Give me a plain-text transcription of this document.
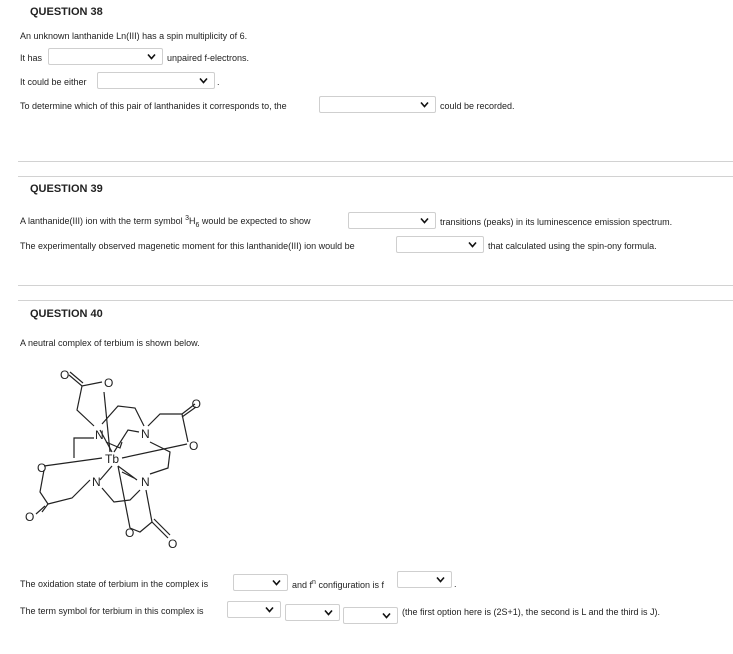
QUESTION 38
An unknown lanthanide Ln(III) has a spin multiplicity of 6.
It has	unpaired f-electrons.
It could be either	.
To determine which of this pair of lanthanides it corresponds to, the	could be recorded.
QUESTION 39
A lanthanide(III) ion with the term symbol $^3H_6$ would be expected to show	transitions (peaks) in its luminescence emission spectrum.
The experimentally observed magenetic moment for this lanthanide(III) ion would be	that calculated using the spin-ony formula.
QUESTION 40
A neutral complex of terbium is shown below.
Tb
N	N
N	N
O
O
O
O
O
O
O
O
The oxidation state of terbium in the complex is	and $f^n$ configuration is f	.
The term symbol for terbium in this complex is	(the first option here is (2S+1), the second is L and the third is J).
